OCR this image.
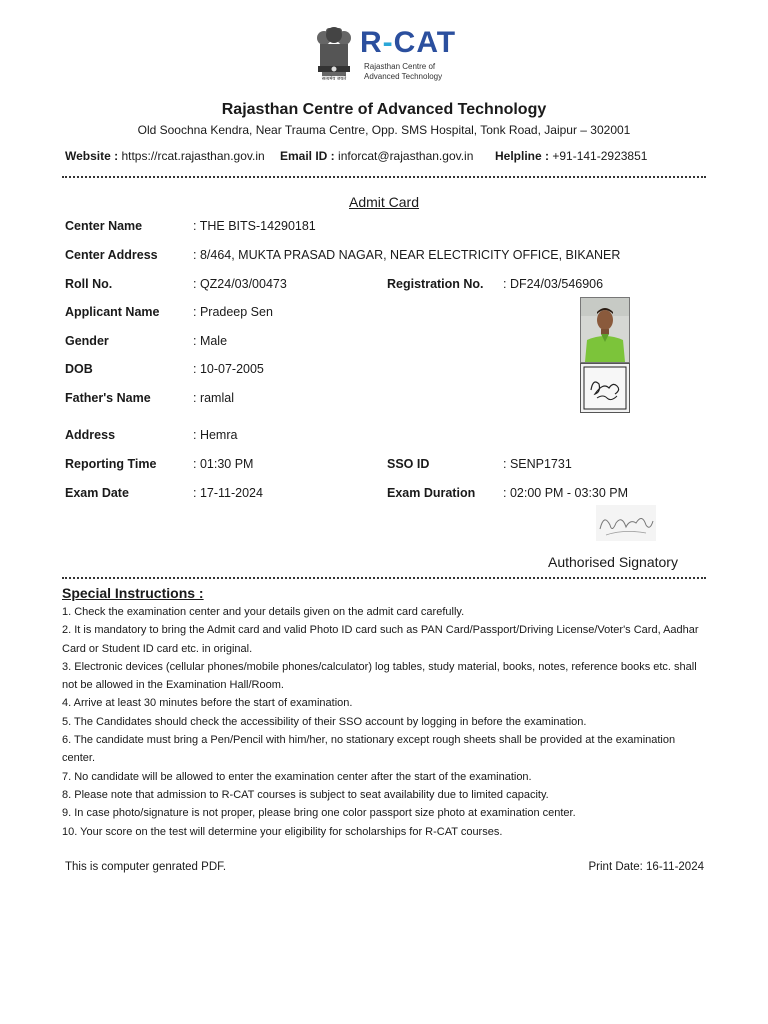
सत्यमेव जयते
R-CAT
Rajasthan Centre of
Advanced Technology
Rajasthan Centre of Advanced Technology
Old Soochna Kendra, Near Trauma Centre, Opp. SMS Hospital, Tonk Road, Jaipur – 302001
Website : https://rcat.rajasthan.gov.in Email ID : inforcat@rajasthan.gov.in Helpline : +91-141-2923851
Admit Card
Center Name	: THE BITS-14290181
Center Address	: 8/464, MUKTA PRASAD NAGAR, NEAR ELECTRICITY OFFICE, BIKANER
Roll No.	: QZ24/03/00473	Registration No. : DF24/03/546906
Applicant Name	: Pradeep Sen
Gender	: Male
DOB	: 10-07-2005
Father's Name	: ramlal
Address	: Hemra
Reporting Time	: 01:30 PM	SSO ID	: SENP1731
Exam Date	: 17-11-2024	Exam Duration : 02:00 PM - 03:30 PM
Authorised Signatory
Special Instructions :

1. Check the examination center and your details given on the admit card carefully.

2. It is mandatory to bring the Admit card and valid Photo ID card such as PAN Card/Passport/Driving License/Voter's Card, Aadhar Card or Student ID card etc. in original.

3. Electronic devices (cellular phones/mobile phones/calculator) log tables, study material, books, notes, reference books etc. shall not be allowed in the Examination Hall/Room.

4. Arrive at least 30 minutes before the start of examination.

5. The Candidates should check the accessibility of their SSO account by logging in before the examination.

6. The candidate must bring a Pen/Pencil with him/her, no stationary except rough sheets shall be provided at the examination center.

7. No candidate will be allowed to enter the examination center after the start of the examination.

8. Please note that admission to R-CAT courses is subject to seat availability due to limited capacity.

9. In case photo/signature is not proper, please bring one color passport size photo at examination center.

10. Your score on the test will determine your eligibility for scholarships for R-CAT courses.

This is computer genrated PDF.	Print Date: 16-11-2024
